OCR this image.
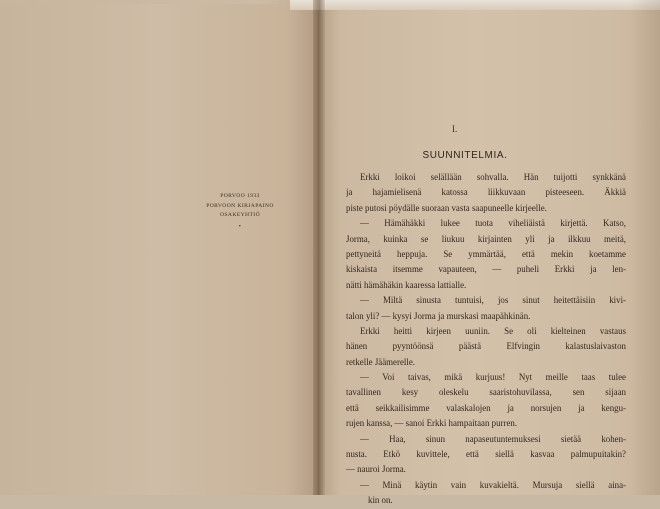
PORVOO 1933
PORVOON KIRJAPAINO
OSAKEYHTIÖ
•
I.
SUUNNITELMIA.
Erkki loikoi selällään sohvalla. Hän tuijotti synkkänä
ja hajamielisenä katossa liikkuvaan pisteeseen. Äkkiä
piste putosi pöydälle suoraan vasta saapuneelle kirjeelle.
— Hämähäkki lukee tuota viheliäistä kirjettä. Katso,
Jorma, kuinka se liukuu kirjainten yli ja ilkkuu meitä,
pettyneitä heppuja. Se ymmärtää, että mekin koetamme
kiskaista itsemme vapauteen, — puheli Erkki ja len-
nätti hämähäkin kaaressa lattialle.
— Miltä sinusta tuntuisi, jos sinut heitettäisiin kivi-
talon yli? — kysyi Jorma ja murskasi maapähkinän.
Erkki heitti kirjeen uuniin. Se oli kielteinen vastaus
hänen pyyntöönsä päästä Elfvingin kalastuslaivaston
retkelle Jäämerelle.
— Voi taivas, mikä kurjuus! Nyt meille taas tulee
tavallinen kesy oleskelu saaristohuvilassa, sen sijaan
että seikkailisimme valaskalojen ja norsujen ja kengu-
rujen kanssa, — sanoi Erkki hampaitaan purren.
— Haa, sinun napaseutuntemuksesi sietää kohen-
nusta. Etkö kuvittele, että siellä kasvaa palmupuitakin?
— nauroi Jorma.
— Minä käytin vain kuvakieltä. Mursuja siellä aina-
kin on.
